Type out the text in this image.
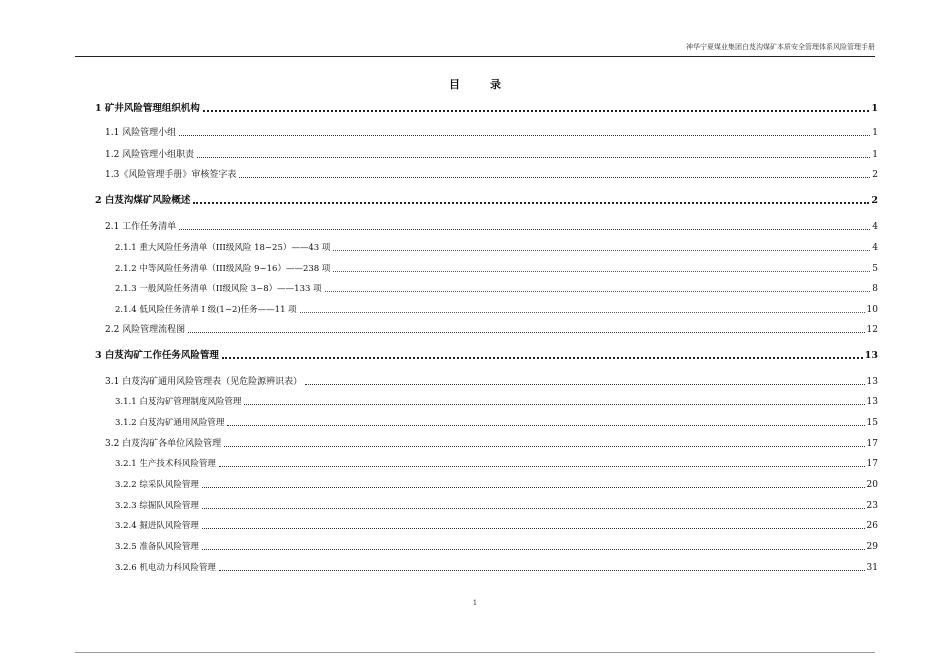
神华宁夏煤业集团白芨沟煤矿本质安全管理体系风险管理手册
目	录
1 矿井风险管理组织机构	1
1.1 风险管理小组	1
1.2 风险管理小组职责	1
1.3《风险管理手册》审核签字表	2
2 白芨沟煤矿风险概述	2
2.1 工作任务清单	4
2.1.1 重大风险任务清单（III级风险 18~25）——43 项	4
2.1.2 中等风险任务清单（III级风险 9~16）——238 项	5
2.1.3 一般风险任务清单（II级风险 3~8）——133 项	8
2.1.4 低风险任务清单 I 级(1~2)任务——11 项	10
2.2 风险管理流程图	12
3 白芨沟矿工作任务风险管理	13
3.1 白芨沟矿通用风险管理表（见危险源辨识表）	13
3.1.1 白芨沟矿管理制度风险管理	13
3.1.2 白芨沟矿通用风险管理	15
3.2 白芨沟矿各单位风险管理	17
3.2.1 生产技术科风险管理	17
3.2.2 综采队风险管理	20
3.2.3 综掘队风险管理	23
3.2.4 掘进队风险管理	26
3.2.5 准备队风险管理	29
3.2.6 机电动力科风险管理	31
1
